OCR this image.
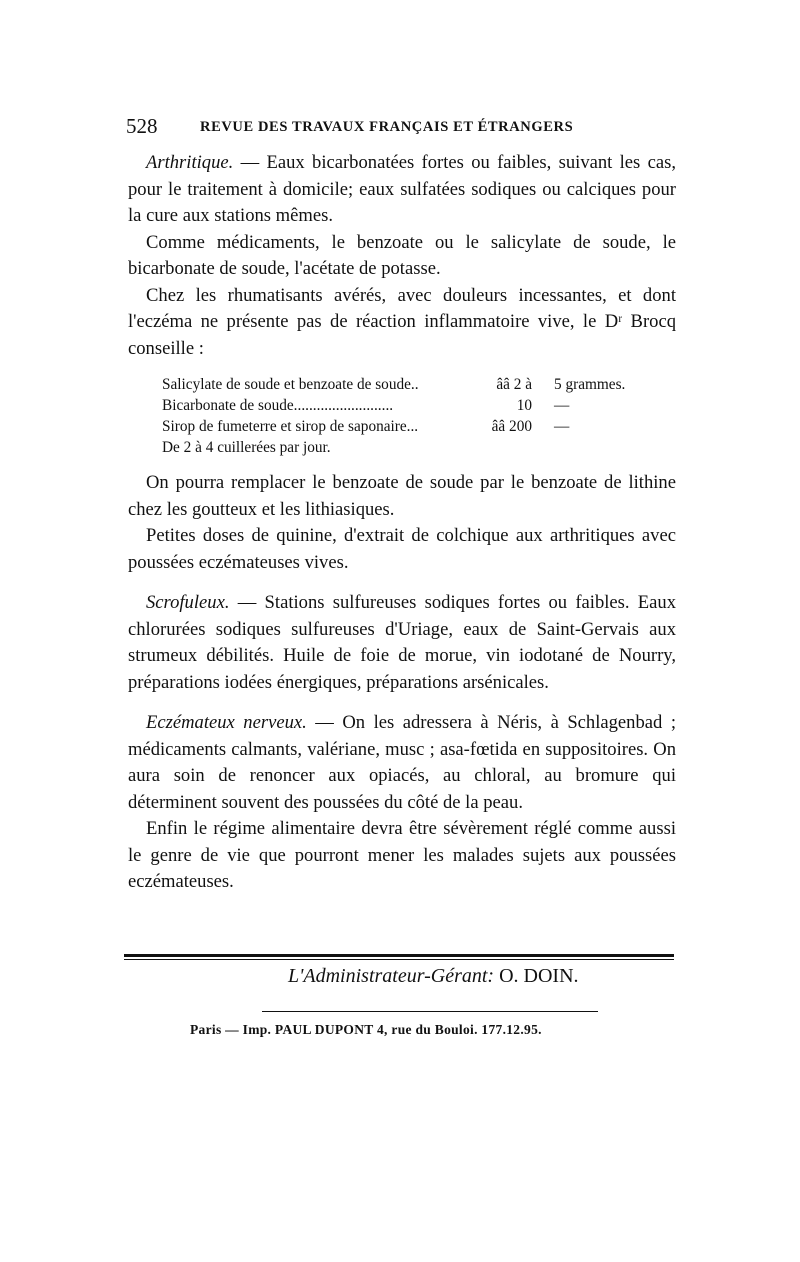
528	REVUE DES TRAVAUX FRANÇAIS ET ÉTRANGERS

Arthritique. — Eaux bicarbonatées fortes ou faibles, suivant les cas, pour le traitement à domicile; eaux sulfatées sodiques ou calciques pour la cure aux stations mêmes.

Comme médicaments, le benzoate ou le salicylate de soude, le bicarbonate de soude, l'acétate de potasse.

Chez les rhumatisants avérés, avec douleurs incessantes, et dont l'eczéma ne présente pas de réaction inflammatoire vive, le Dʳ Brocq conseille :

Salicylate de soude et benzoate de soude..	ââ 2 à 5 grammes.
Bicarbonate de soude..........................	10 —
Sirop de fumeterre et sirop de saponaire...	ââ 200 —
De 2 à 4 cuillerées par jour.

On pourra remplacer le benzoate de soude par le benzoate de lithine chez les goutteux et les lithiasiques.

Petites doses de quinine, d'extrait de colchique aux arthritiques avec poussées eczémateuses vives.

Scrofuleux. — Stations sulfureuses sodiques fortes ou faibles. Eaux chlorurées sodiques sulfureuses d'Uriage, eaux de Saint-Gervais aux strumeux débilités. Huile de foie de morue, vin iodotané de Nourry, préparations iodées énergiques, préparations arsénicales.

Eczémateux nerveux. — On les adressera à Néris, à Schlagenbad ; médicaments calmants, valériane, musc ; asa-fœtida en suppositoires. On aura soin de renoncer aux opiacés, au chloral, au bromure qui déterminent souvent des poussées du côté de la peau.

Enfin le régime alimentaire devra être sévèrement réglé comme aussi le genre de vie que pourront mener les malades sujets aux poussées eczémateuses.

L'Administrateur-Gérant: O. DOIN.
Paris — Imp. PAUL DUPONT 4, rue du Bouloi. 177.12.95.
